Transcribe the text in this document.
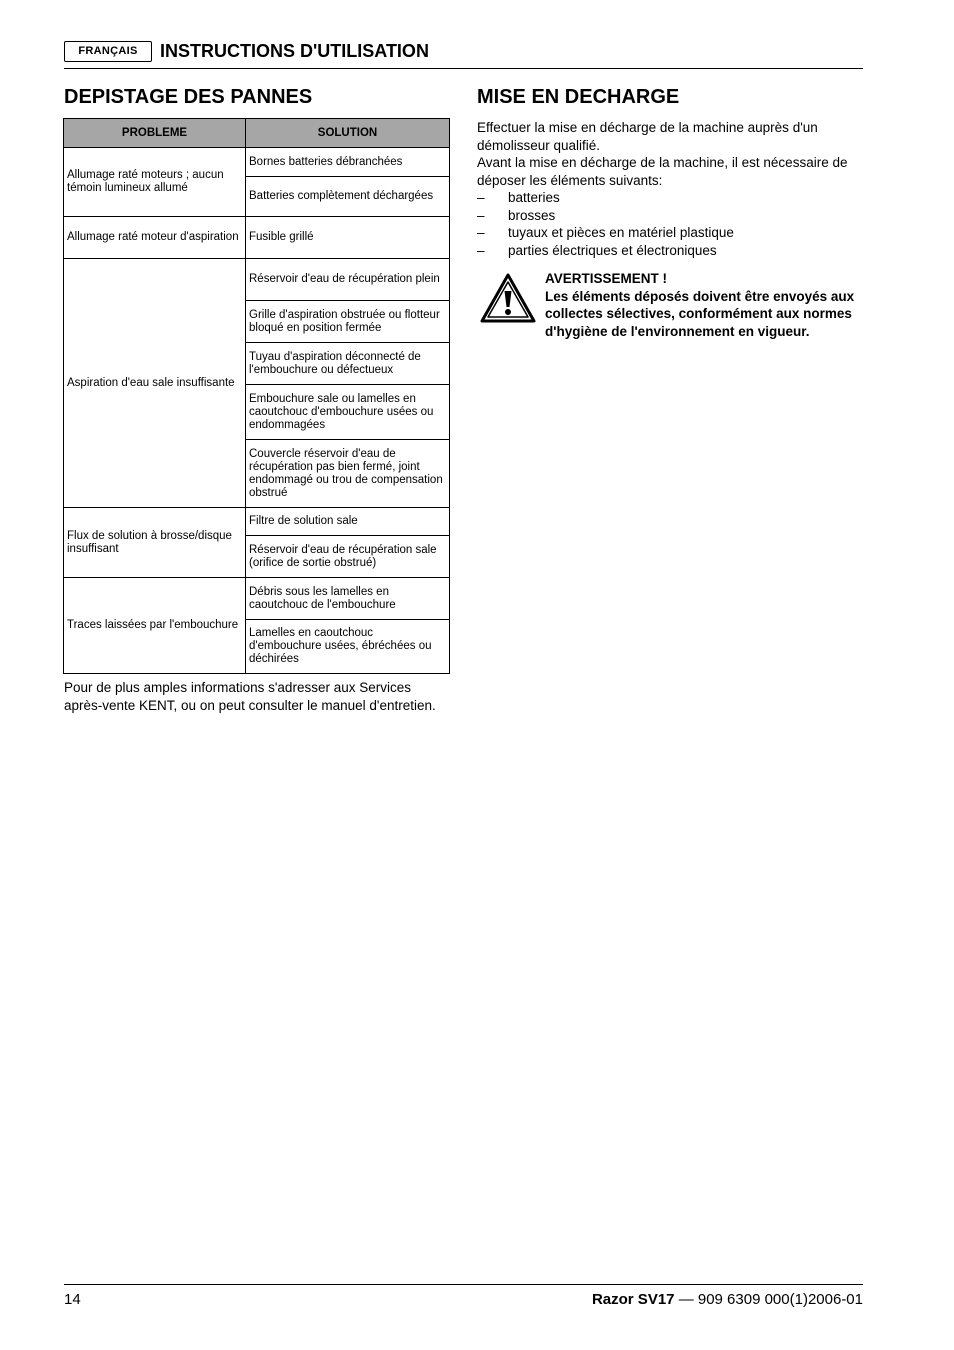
FRANÇAIS	INSTRUCTIONS D'UTILISATION
DEPISTAGE DES PANNES
PROBLEME	SOLUTION
Allumage raté moteurs ; aucun témoin lumineux allumé	Bornes batteries débranchées
	Batteries complètement déchargées
Allumage raté moteur d'aspiration	Fusible grillé
Aspiration d'eau sale insuffisante	Réservoir d'eau de récupération plein
	Grille d'aspiration obstruée ou flotteur bloqué en position fermée
	Tuyau d'aspiration déconnecté de l'embouchure ou défectueux
	Embouchure sale ou lamelles en caoutchouc d'embouchure usées ou endommagées
	Couvercle réservoir d'eau de récupération pas bien fermé, joint endommagé ou trou de compensation obstrué
Flux de solution à brosse/disque insuffisant	Filtre de solution sale
	Réservoir d'eau de récupération sale (orifice de sortie obstrué)
Traces laissées par l'embouchure	Débris sous les lamelles en caoutchouc de l'embouchure
	Lamelles en caoutchouc d'embouchure usées, ébréchées ou déchirées

Pour de plus amples informations s'adresser aux Services après-vente KENT, ou on peut consulter le manuel d'entretien.

MISE EN DECHARGE

Effectuer la mise en décharge de la machine auprès d'un démolisseur qualifié.

Avant la mise en décharge de la machine, il est nécessaire de déposer les éléments suivants:

– batteries
– brosses
– tuyaux et pièces en matériel plastique
– parties électriques et électroniques
AVERTISSEMENT !
Les éléments déposés doivent être envoyés aux collectes sélectives, conformément aux normes d'hygiène de l'environnement en vigueur.
14	Razor SV17 — 909 6309 000(1)2006-01
